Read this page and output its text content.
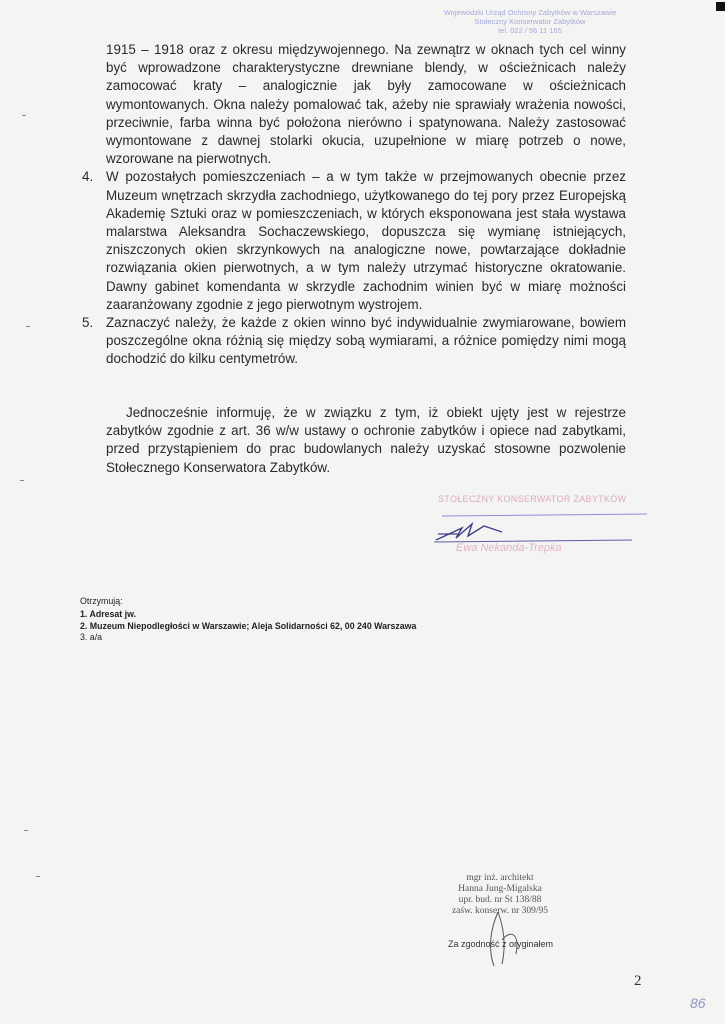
Wojewódzki Urząd Ochrony Zabytków w Warszawie
Stołeczny Konserwator Zabytków
tel. 022 / 56 11 165

1915 – 1918 oraz z okresu międzywojennego. Na zewnątrz w oknach tych cel winny być wprowadzone charakterystyczne drewniane blendy, w ościeżnicach należy zamocować kraty – analogicznie jak były zamocowane w ościeżnicach wymontowanych. Okna należy pomalować tak, ażeby nie sprawiały wrażenia nowości, przeciwnie, farba winna być położona nierówno i spatynowana. Należy zastosować wymontowane z dawnej stolarki okucia, uzupełnione w miarę potrzeb o nowe, wzorowane na pierwotnych.

4. W pozostałych pomieszczeniach – a w tym także w przejmowanych obecnie przez Muzeum wnętrzach skrzydła zachodniego, użytkowanego do tej pory przez Europejską Akademię Sztuki oraz w pomieszczeniach, w których eksponowana jest stała wystawa malarstwa Aleksandra Sochaczewskiego, dopuszcza się wymianę istniejących, zniszczonych okien skrzynkowych na analogiczne nowe, powtarzające dokładnie rozwiązania okien pierwotnych, a w tym należy utrzymać historyczne okratowanie. Dawny gabinet komendanta w skrzydle zachodnim winien być w miarę możności zaaranżowany zgodnie z jego pierwotnym wystrojem.
5. Zaznaczyć należy, że każde z okien winno być indywidualnie zwymiarowane, bowiem poszczególne okna różnią się między sobą wymiarami, a różnice pomiędzy nimi mogą dochodzić do kilku centymetrów.

Jednocześnie informuję, że w związku z tym, iż obiekt ujęty jest w rejestrze zabytków zgodnie z art. 36 w/w ustawy o ochronie zabytków i opiece nad zabytkami, przed przystąpieniem do prac budowlanych należy uzyskać stosowne pozwolenie Stołecznego Konserwatora Zabytków.

STOŁECZNY KONSERWATOR ZABYTKÓW
Ewa Nekanda-Trepka
Otrzymują:
1. Adresat jw.
2. Muzeum Niepodległości w Warszawie; Aleja Solidarności 62, 00 240 Warszawa
3. a/a
mgr inż. architekt
Hanna Jung-Migalska
upr. bud. nr St 138/88
zaśw. konserw. nr 309/95
Za zgodność z oryginałem
2
86
